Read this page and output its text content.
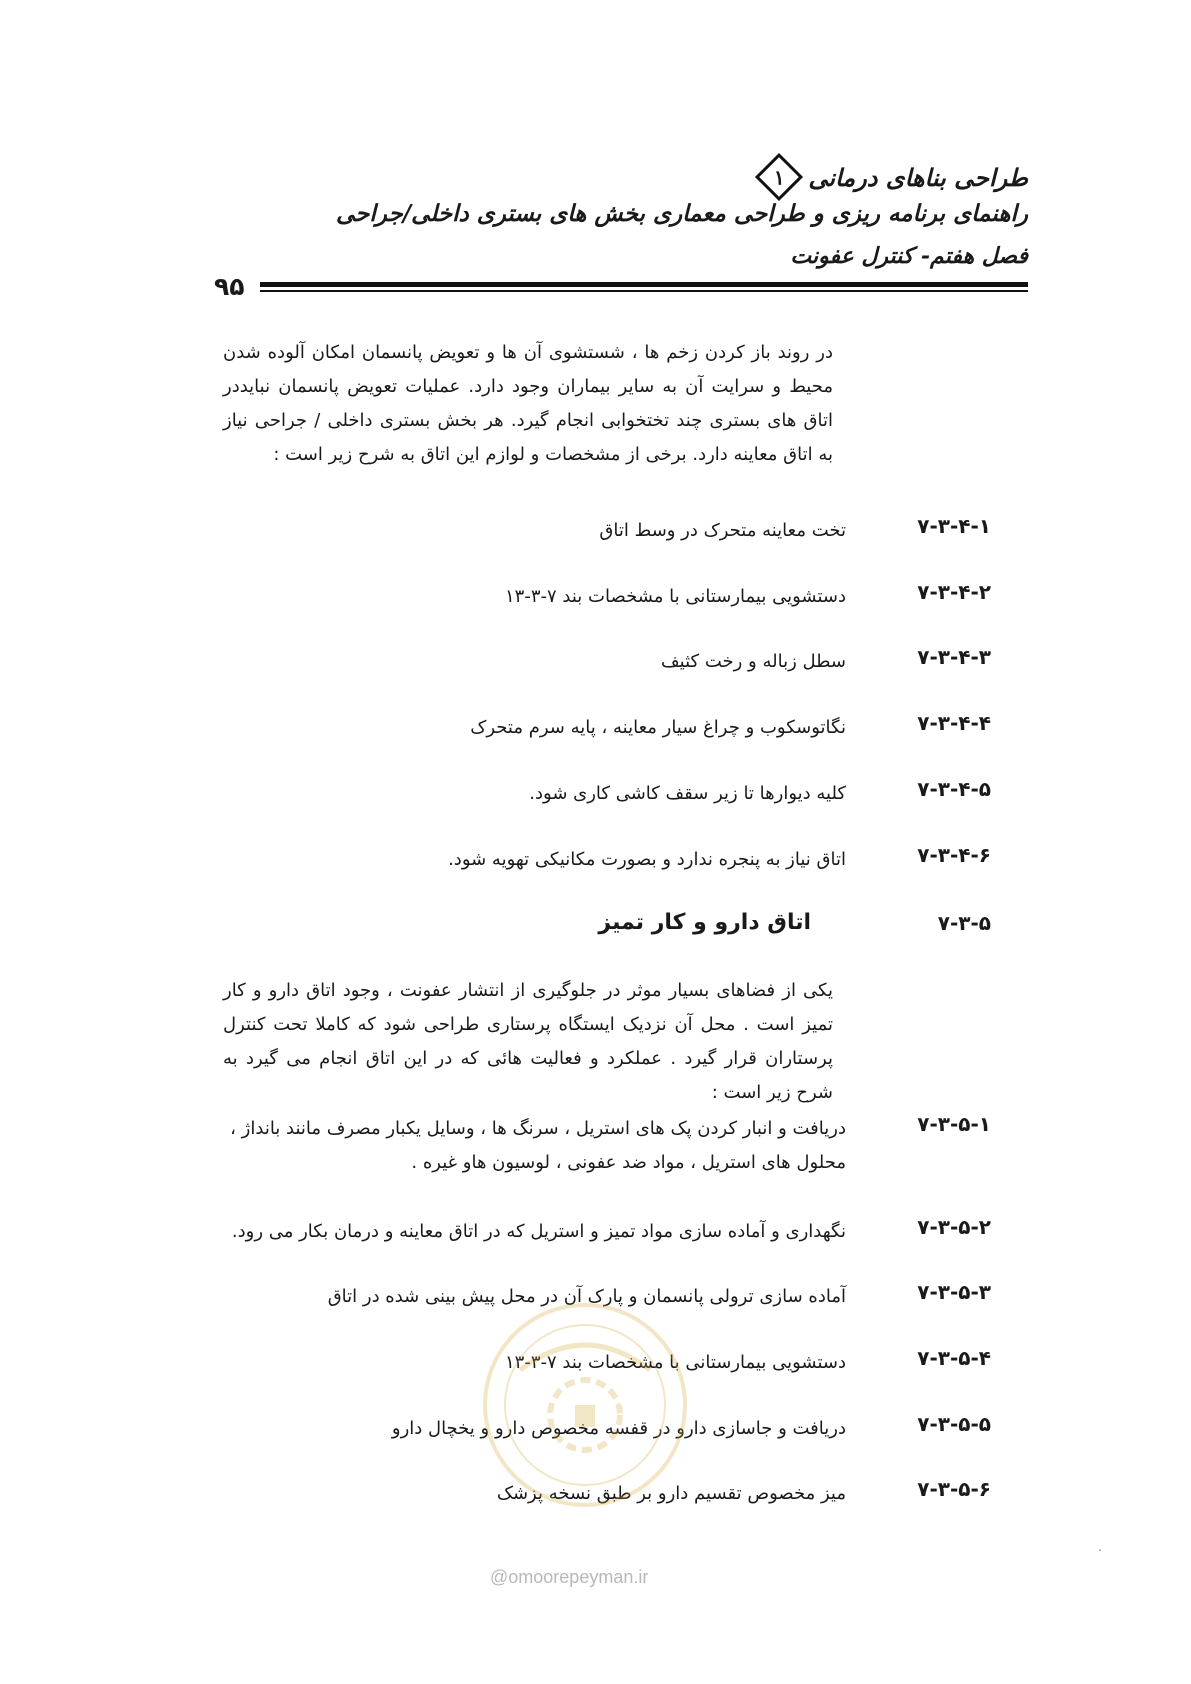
طراحی بناهای درمانی
۱
راهنمای برنامه ریزی و طراحی معماری بخش های بستری داخلی/جراحی
فصل هفتم- کنترل عفونت
۹۵
در روند باز کردن زخم ها ، شستشوی آن ها و تعویض پانسمان امکان آلوده شدن محیط و سرایت آن به سایر بیماران وجود دارد. عملیات تعویض پانسمان نبایددر اتاق های بستری چند تختخوابی انجام گیرد. هر بخش بستری داخلی / جراحی نیاز به اتاق معاینه دارد. برخی از مشخصات و لوازم این اتاق به شرح زیر است :
۷-۳-۴-۱
تخت معاینه متحرک در وسط اتاق
۷-۳-۴-۲
دستشویی بیمارستانی با مشخصات بند ۷-۳-۱۳
۷-۳-۴-۳
سطل زباله و رخت کثیف
۷-۳-۴-۴
نگاتوسکوب و چراغ سیار معاینه ، پایه سرم متحرک
۷-۳-۴-۵
کلیه دیوارها تا زیر سقف کاشی کاری شود.
۷-۳-۴-۶
اتاق نیاز به پنجره ندارد و بصورت مکانیکی تهویه شود.
۷-۳-۵
اتاق دارو و کار تمیز
یکی از فضاهای بسیار موثر در جلوگیری از انتشار عفونت ، وجود اتاق دارو و کار تمیز است . محل آن نزدیک ایستگاه پرستاری طراحی شود که کاملا تحت کنترل پرستاران قرار گیرد . عملکرد و فعالیت هائی که در این اتاق انجام می گیرد به شرح زیر است :
۷-۳-۵-۱
دریافت و انبار کردن پک های استریل ، سرنگ ها ، وسایل یکبار مصرف مانند بانداژ ، محلول های استریل ، مواد ضد عفونی ، لوسیون هاو غیره .
۷-۳-۵-۲
نگهداری و آماده سازی مواد تمیز و استریل که در اتاق معاینه و درمان بکار می رود.
۷-۳-۵-۳
آماده سازی ترولی پانسمان و پارک آن در محل پیش بینی شده در اتاق
۷-۳-۵-۴
دستشویی بیمارستانی با مشخصات بند ۷-۳-۱۳
۷-۳-۵-۵
دریافت و جاسازی دارو در قفسه مخصوص دارو و یخچال دارو
۷-۳-۵-۶
میز مخصوص تقسیم دارو بر طبق نسخه پزشک
@omoorepeyman.ir
.
